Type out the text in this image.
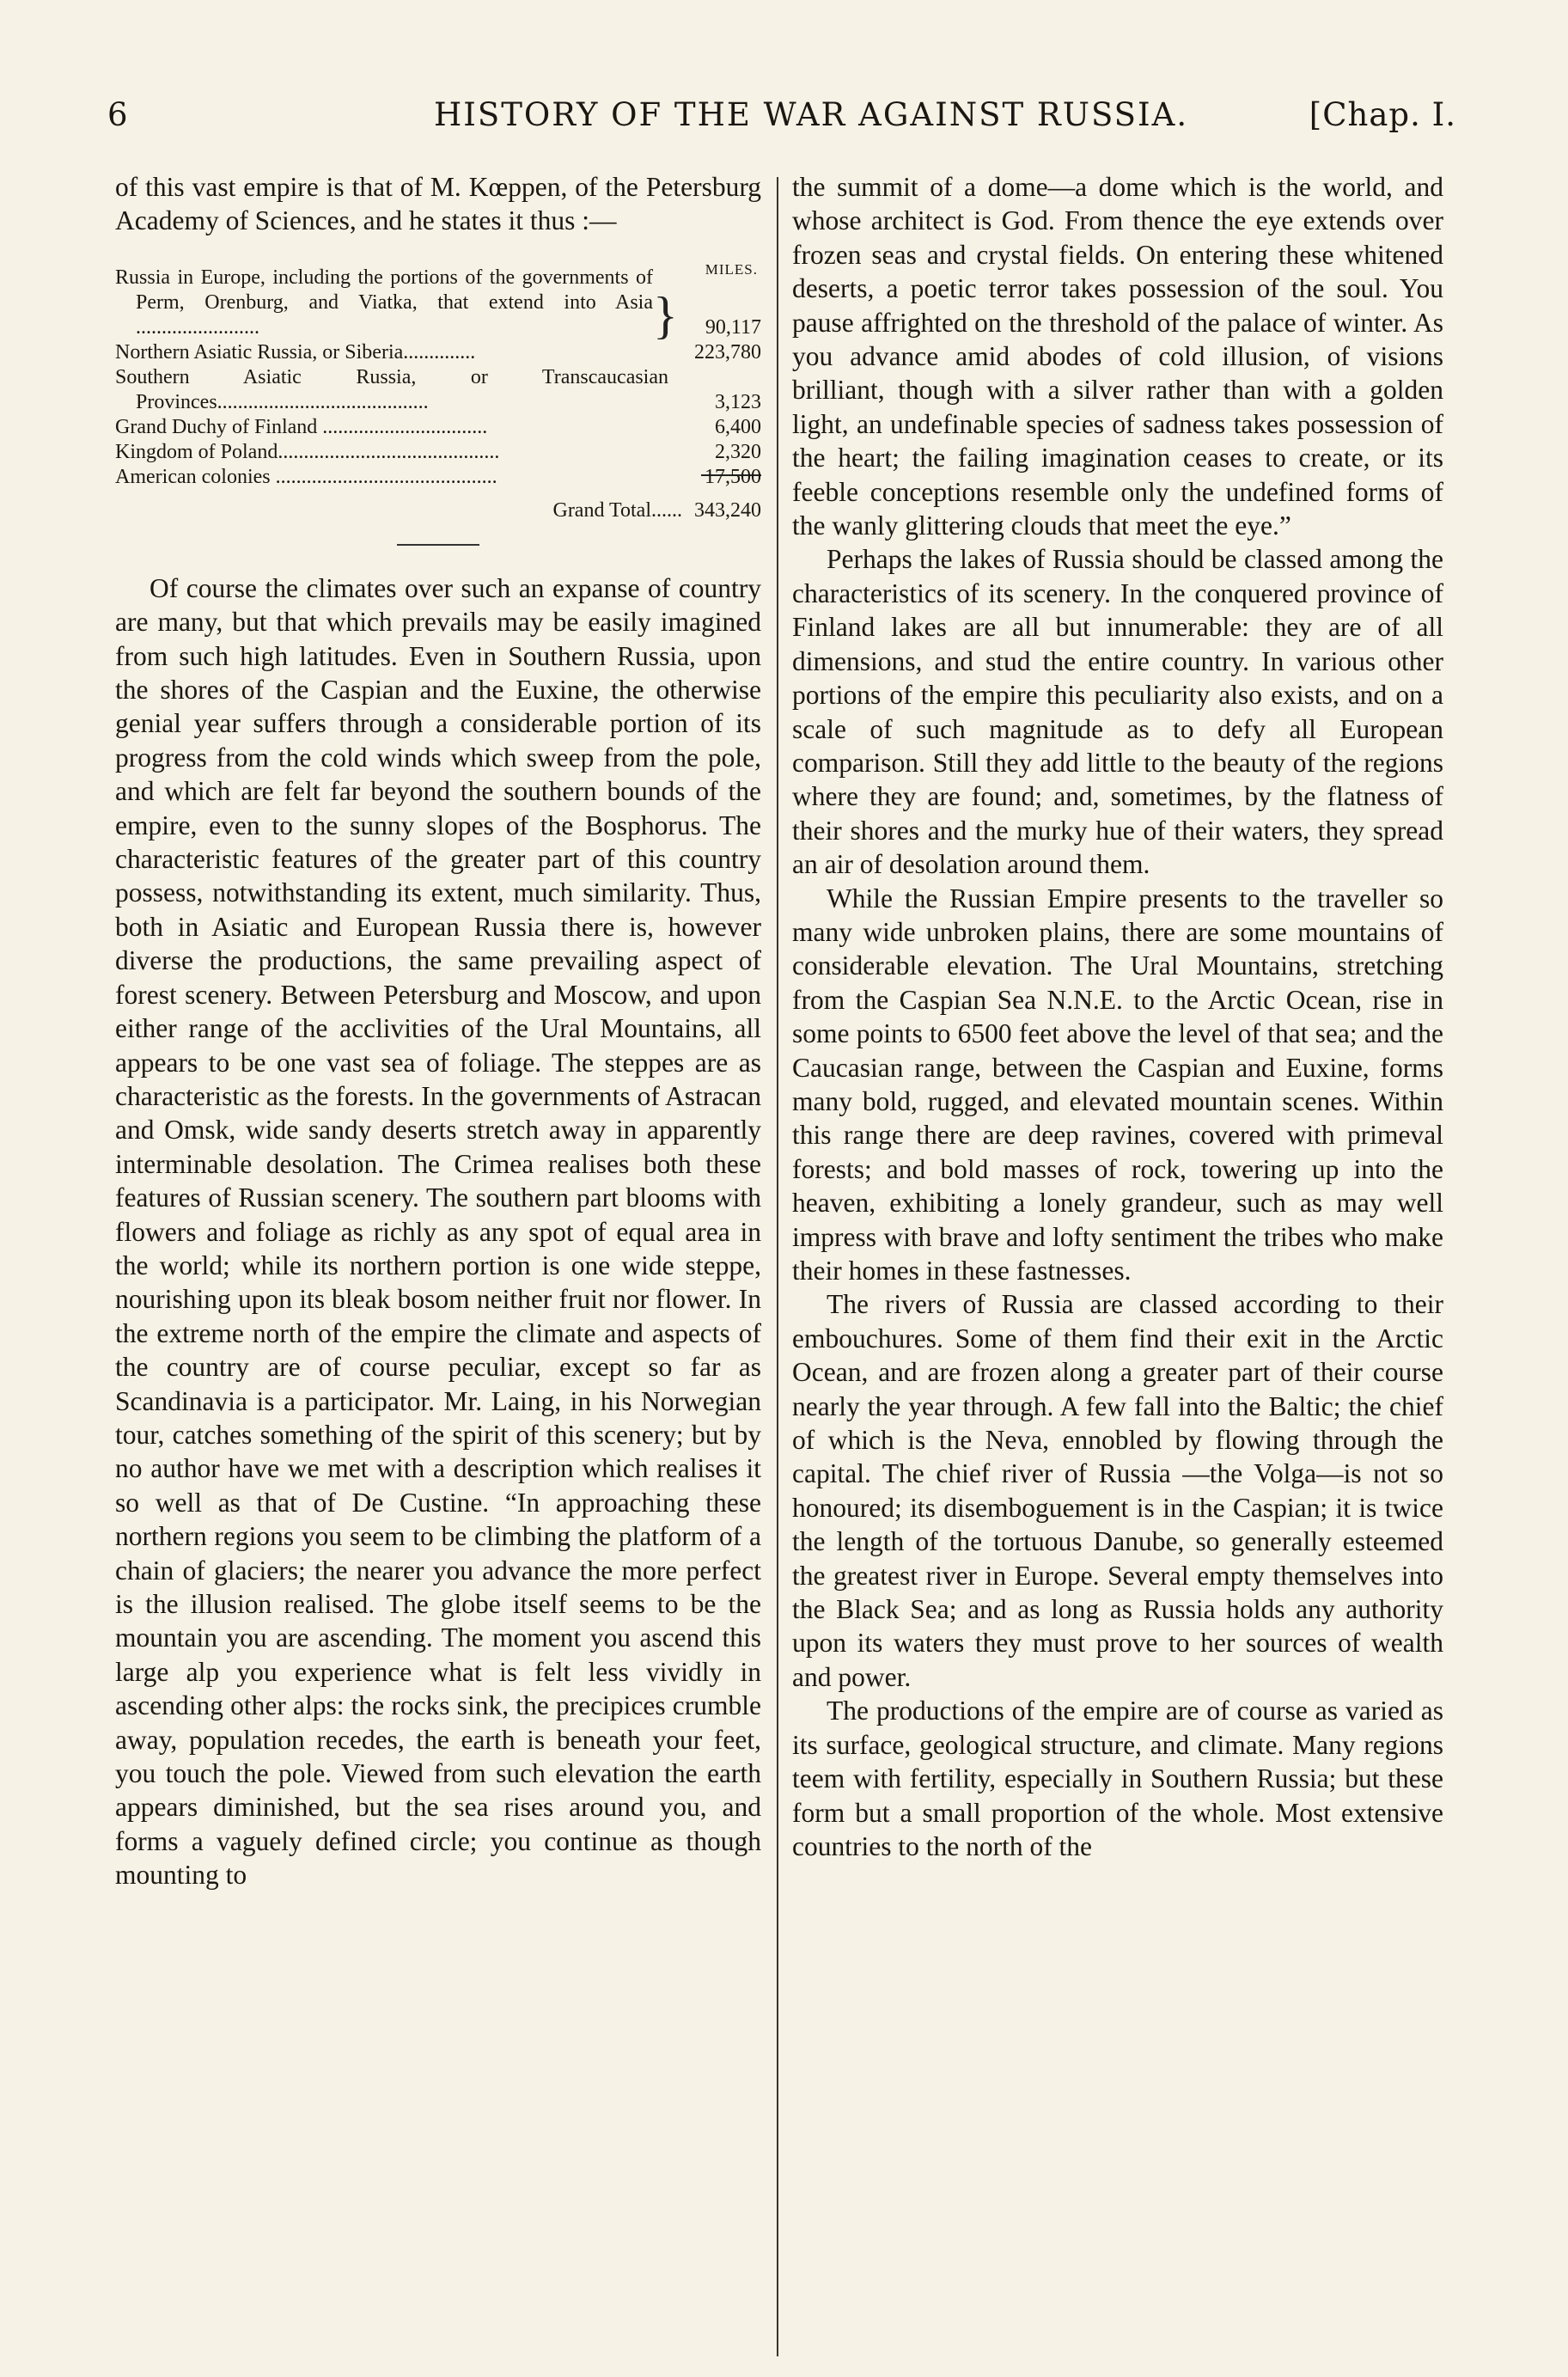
6	HISTORY OF THE WAR AGAINST RUSSIA.	[Chap. I.

of this vast empire is that of M. Kœppen, of the Petersburg Academy of Sciences, and he states it thus :—

MILES.
Russia in Europe, including the portions of the governments of Perm, Orenburg, and Viatka, that extend into Asia ........................	}	90,117
Northern Asiatic Russia, or Siberia..............	223,780
Southern Asiatic Russia, or Transcaucasian Provinces.........................................	3,123
Grand Duchy of Finland ................................	6,400
Kingdom of Poland...........................................	2,320
American colonies ...........................................	17,500
Grand Total...... 343,240

Of course the climates over such an expanse of country are many, but that which prevails may be easily imagined from such high latitudes. Even in Southern Russia, upon the shores of the Caspian and the Euxine, the otherwise genial year suffers through a considerable portion of its progress from the cold winds which sweep from the pole, and which are felt far beyond the southern bounds of the empire, even to the sunny slopes of the Bosphorus. The characteristic features of the greater part of this country possess, notwithstanding its extent, much similarity. Thus, both in Asiatic and European Russia there is, however diverse the productions, the same prevailing aspect of forest scenery. Between Petersburg and Moscow, and upon either range of the acclivities of the Ural Mountains, all appears to be one vast sea of foliage. The steppes are as characteristic as the forests. In the governments of Astracan and Omsk, wide sandy deserts stretch away in apparently interminable desolation. The Crimea realises both these features of Russian scenery. The southern part blooms with flowers and foliage as richly as any spot of equal area in the world; while its northern portion is one wide steppe, nourishing upon its bleak bosom neither fruit nor flower. In the extreme north of the empire the climate and aspects of the country are of course peculiar, except so far as Scandinavia is a participator. Mr. Laing, in his Norwegian tour, catches something of the spirit of this scenery; but by no author have we met with a description which realises it so well as that of De Custine. “In approaching these northern regions you seem to be climbing the platform of a chain of glaciers; the nearer you advance the more perfect is the illusion realised. The globe itself seems to be the mountain you are ascending. The moment you ascend this large alp you experience what is felt less vividly in ascending other alps: the rocks sink, the precipices crumble away, population recedes, the earth is beneath your feet, you touch the pole. Viewed from such elevation the earth appears diminished, but the sea rises around you, and forms a vaguely defined circle; you continue as though mounting to

the summit of a dome—a dome which is the world, and whose architect is God. From thence the eye extends over frozen seas and crystal fields. On entering these whitened deserts, a poetic terror takes possession of the soul. You pause affrighted on the threshold of the palace of winter. As you advance amid abodes of cold illusion, of visions brilliant, though with a silver rather than with a golden light, an undefinable species of sadness takes possession of the heart; the failing imagination ceases to create, or its feeble conceptions resemble only the undefined forms of the wanly glittering clouds that meet the eye.”

Perhaps the lakes of Russia should be classed among the characteristics of its scenery. In the conquered province of Finland lakes are all but innumerable: they are of all dimensions, and stud the entire country. In various other portions of the empire this peculiarity also exists, and on a scale of such magnitude as to defy all European comparison. Still they add little to the beauty of the regions where they are found; and, sometimes, by the flatness of their shores and the murky hue of their waters, they spread an air of desolation around them.

While the Russian Empire presents to the traveller so many wide unbroken plains, there are some mountains of considerable elevation. The Ural Mountains, stretching from the Caspian Sea N.N.E. to the Arctic Ocean, rise in some points to 6500 feet above the level of that sea; and the Caucasian range, between the Caspian and Euxine, forms many bold, rugged, and elevated mountain scenes. Within this range there are deep ravines, covered with primeval forests; and bold masses of rock, towering up into the heaven, exhibiting a lonely grandeur, such as may well impress with brave and lofty sentiment the tribes who make their homes in these fastnesses.

The rivers of Russia are classed according to their embouchures. Some of them find their exit in the Arctic Ocean, and are frozen along a greater part of their course nearly the year through. A few fall into the Baltic; the chief of which is the Neva, ennobled by flowing through the capital. The chief river of Russia —the Volga—is not so honoured; its disemboguement is in the Caspian; it is twice the length of the tortuous Danube, so generally esteemed the greatest river in Europe. Several empty themselves into the Black Sea; and as long as Russia holds any authority upon its waters they must prove to her sources of wealth and power.

The productions of the empire are of course as varied as its surface, geological structure, and climate. Many regions teem with fertility, especially in Southern Russia; but these form but a small proportion of the whole. Most extensive countries to the north of the
